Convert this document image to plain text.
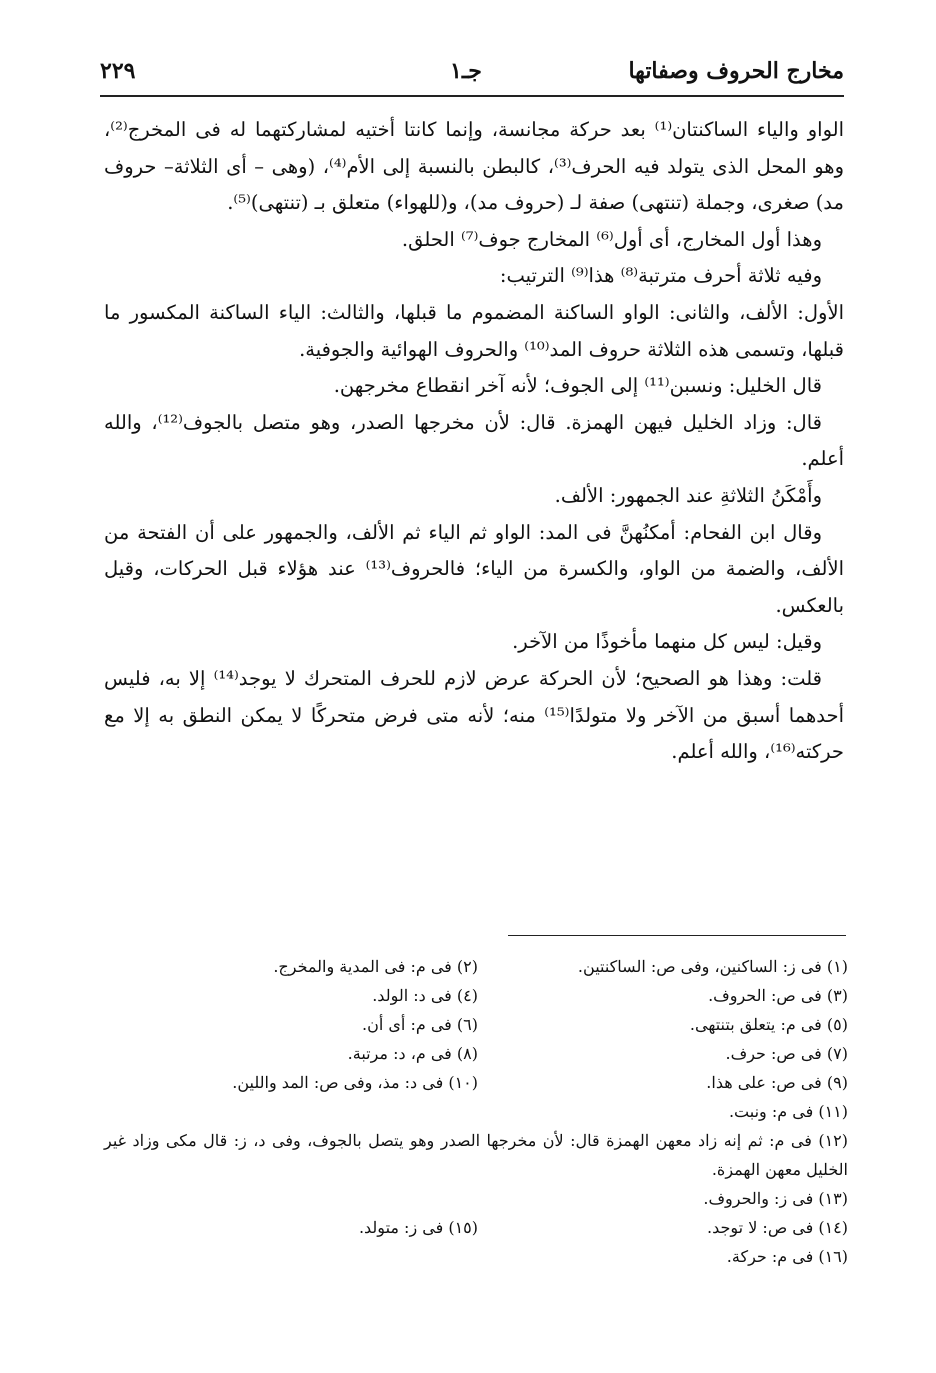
مخارج الحروف وصفاتها
جـ١
٢٢٩

الواو والياء الساكنتان⁽¹⁾ بعد حركة مجانسة، وإنما كانتا أختيه لمشاركتهما له فى المخرج⁽²⁾، وهو المحل الذى يتولد فيه الحرف⁽³⁾، كالبطن بالنسبة إلى الأم⁽⁴⁾، (وهى – أى الثلاثة– حروف مد) صغرى، وجملة (تنتهى) صفة لـ (حروف مد)، و(للهواء) متعلق بـ (تنتهى)⁽⁵⁾.

وهذا أول المخارج، أى أول⁽⁶⁾ المخارج جوف⁽⁷⁾ الحلق.

وفيه ثلاثة أحرف مترتبة⁽⁸⁾ هذا⁽⁹⁾ الترتيب:

الأول: الألف، والثانى: الواو الساكنة المضموم ما قبلها، والثالث: الياء الساكنة المكسور ما قبلها، وتسمى هذه الثلاثة حروف المد⁽¹⁰⁾ والحروف الهوائية والجوفية.

قال الخليل: ونسبن⁽¹¹⁾ إلى الجوف؛ لأنه آخر انقطاع مخرجهن.

قال: وزاد الخليل فيهن الهمزة. قال: لأن مخرجها الصدر، وهو متصل بالجوف⁽¹²⁾، والله أعلم.

وأَمْكَنُ الثلاثةِ عند الجمهور: الألف.

وقال ابن الفحام: أمكنُهنَّ فى المد: الواو ثم الياء ثم الألف، والجمهور على أن الفتحة من الألف، والضمة من الواو، والكسرة من الياء؛ فالحروف⁽¹³⁾ عند هؤلاء قبل الحركات، وقيل بالعكس.

وقيل: ليس كل منهما مأخوذًا من الآخر.

قلت: وهذا هو الصحيح؛ لأن الحركة عرض لازم للحرف المتحرك لا يوجد⁽¹⁴⁾ إلا به، فليس أحدهما أسبق من الآخر ولا متولدًا⁽¹⁵⁾ منه؛ لأنه متى فرض متحركًا لا يمكن النطق به إلا مع حركته⁽¹⁶⁾، والله أعلم.

(١) فى ز: الساكنين، وفى ص: الساكنتين.
(٢) فى م: فى المدية والمخرج.
(٣) فى ص: الحروف.
(٤) فى د: الولد.
(٥) فى م: يتعلق بتنتهى.
(٦) فى م: أى أن.
(٧) فى ص: حرف.
(٨) فى م، د: مرتبة.
(٩) فى ص: على هذا.
(١٠) فى د: مذ، وفى ص: المد واللين.
(١١) فى م: ونبت.
(١٢) فى م: ثم إنه زاد معهن الهمزة قال: لأن مخرجها الصدر وهو يتصل بالجوف، وفى د، ز: قال مكى وزاد غير الخليل معهن الهمزة.
(١٣) فى ز: والحروف.
(١٤) فى ص: لا توجد.
(١٥) فى ز: متولد.
(١٦) فى م: حركة.
